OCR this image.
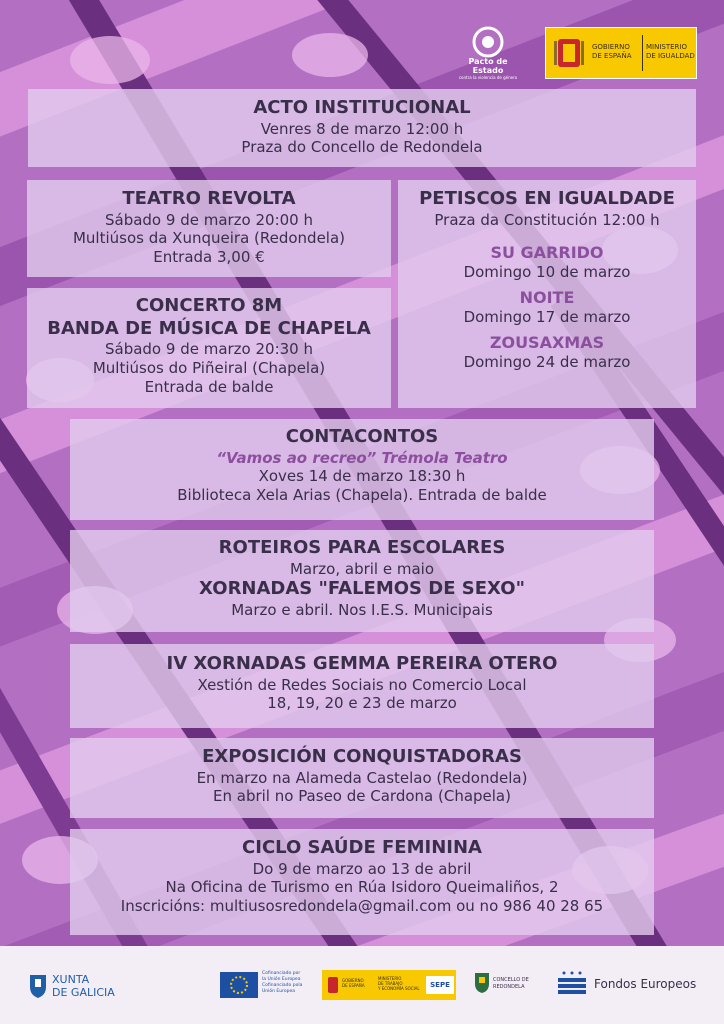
Pacto de Estado
contra la violencia de género
GOBIERNO
DE ESPAÑA
MINISTERIO
DE IGUALDAD
ACTO INSTITUCIONAL
Venres 8 de marzo 12:00 h
Praza do Concello de Redondela
TEATRO REVOLTA
Sábado 9 de marzo 20:00 h
Multiúsos da Xunqueira (Redondela)
Entrada 3,00 €
PETISCOS EN IGUALDADE
Praza da Constitución 12:00 h
SU GARRIDO
Domingo 10 de marzo
NOITE
Domingo 17 de marzo
ZOUSAXMAS
Domingo 24 de marzo
CONCERTO 8M
BANDA DE MÚSICA DE CHAPELA
Sábado 9 de marzo 20:30 h
Multiúsos do Piñeiral (Chapela)
Entrada de balde
CONTACONTOS
“Vamos ao recreo” Trémola Teatro
Xoves 14 de marzo 18:30 h
Biblioteca Xela Arias (Chapela). Entrada de balde
ROTEIROS PARA ESCOLARES
Marzo, abril e maio
XORNADAS "FALEMOS DE SEXO"
Marzo e abril. Nos I.E.S. Municipais
IV XORNADAS GEMMA PEREIRA OTERO
Xestión de Redes Sociais no Comercio Local
18, 19, 20 e 23 de marzo
EXPOSICIÓN CONQUISTADORAS
En marzo na Alameda Castelao (Redondela)
En abril no Paseo de Cardona (Chapela)
CICLO SAÚDE FEMININA
Do 9 de marzo ao 13 de abril
Na Oficina de Turismo en Rúa Isidoro Queimaliños, 2
Inscricións: multiusosredondela@gmail.com ou no 986 40 28 65
XUNTA
DE GALICIA
Cofinanciado por
la Unión Europea
Cofinanciado pola
Unión Europea
GOBIERNO
DE ESPAÑA
MINISTERIO
DE TRABAJO
Y ECONOMÍA SOCIAL	SEPE
CONCELLO DE
REDONDELA	Fondos Europeos
